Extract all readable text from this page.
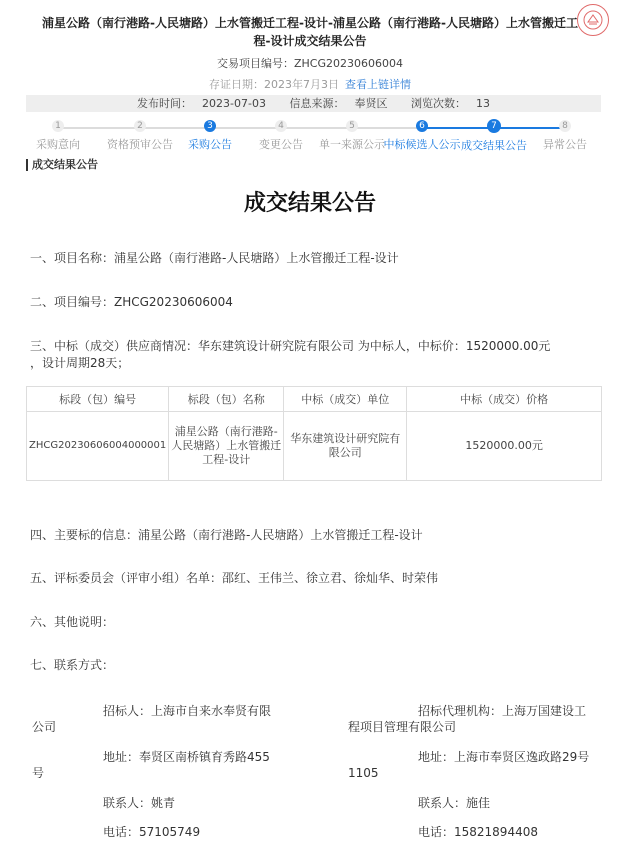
浦星公路（南行港路-人民塘路）上水管搬迁工程-设计-浦星公路（南行港路-人民塘路）上水管搬迁工程-设计成交结果公告
交易项目编号：ZHCG20230606004
存证日期：2023年7月3日 查看上链详情
发布时间： 2023-07-03 信息来源： 奉贤区 浏览次数： 13
1
采购意向
2
资格预审公告
3
采购公告
4
变更公告
5
单一来源公示
6
中标候选人公示
7
成交结果公告
8
异常公告
成交结果公告
成交结果公告
一、项目名称：浦星公路（南行港路-人民塘路）上水管搬迁工程-设计
二、项目编号：ZHCG20230606004
三、中标（成交）供应商情况：华东建筑设计研究院有限公司 为中标人，中标价：1520000.00元
，设计周期28天；
标段（包）编号	标段（包）名称	中标（成交）单位	中标（成交）价格
ZHCG20230606004000001	浦星公路（南行港路-人民塘路）上水管搬迁工程-设计	华东建筑设计研究院有限公司	1520000.00元
四、主要标的信息：浦星公路（南行港路-人民塘路）上水管搬迁工程-设计
五、评标委员会（评审小组）名单：邵红、王伟兰、徐立君、徐灿华、时荣伟
六、其他说明：
七、联系方式：
招标人：上海市自来水奉贤有限
公司
招标代理机构：上海万国建设工
程项目管理有限公司
地址：奉贤区南桥镇育秀路455
号
地址：上海市奉贤区逸政路29号
1105
联系人：姚青	联系人：施佳
电话：57105749	电话：15821894408
